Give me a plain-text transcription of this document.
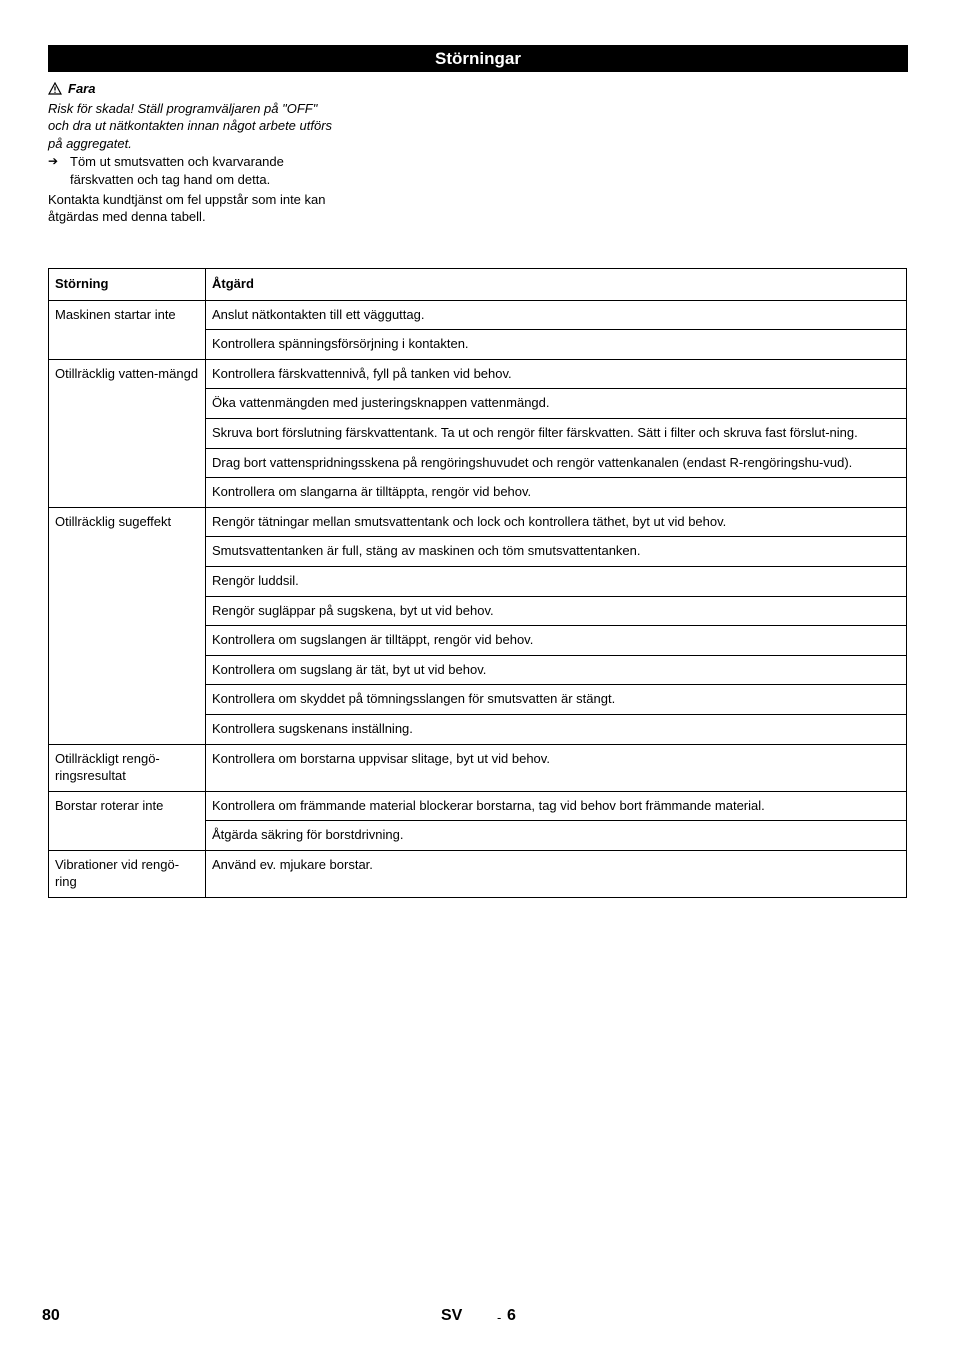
Störningar
Fara
Risk för skada! Ställ programväljaren på "OFF" och dra ut nätkontakten innan något arbete utförs på aggregatet.
➔ Töm ut smutsvatten och kvarvarande färskvatten och tag hand om detta.
Kontakta kundtjänst om fel uppstår som inte kan åtgärdas med denna tabell.
Störning	Åtgärd
Maskinen startar inte	Anslut nätkontakten till ett vägguttag.
	Kontrollera spänningsförsörjning i kontakten.
Otillräcklig vatten-mängd	Kontrollera färskvattennivå, fyll på tanken vid behov.
	Öka vattenmängden med justeringsknappen vattenmängd.
	Skruva bort förslutning färskvattentank. Ta ut och rengör filter färskvatten. Sätt i filter och skruva fast förslut-ning.
	Drag bort vattenspridningsskena på rengöringshuvudet och rengör vattenkanalen (endast R-rengöringshu-vud).
	Kontrollera om slangarna är tilltäppta, rengör vid behov.
Otillräcklig sugeffekt	Rengör tätningar mellan smutsvattentank och lock och kontrollera täthet, byt ut vid behov.
	Smutsvattentanken är full, stäng av maskinen och töm smutsvattentanken.
	Rengör luddsil.
	Rengör sugläppar på sugskena, byt ut vid behov.
	Kontrollera om sugslangen är tilltäppt, rengör vid behov.
	Kontrollera om sugslang är tät, byt ut vid behov.
	Kontrollera om skyddet på tömningsslangen för smutsvatten är stängt.
	Kontrollera sugskenans inställning.
Otillräckligt rengö-ringsresultat	Kontrollera om borstarna uppvisar slitage, byt ut vid behov.
Borstar roterar inte	Kontrollera om främmande material blockerar borstarna, tag vid behov bort främmande material.
	Åtgärda säkring för borstdrivning.
Vibrationer vid rengö-ring	Använd ev. mjukare borstar.
80	SV	- 6
